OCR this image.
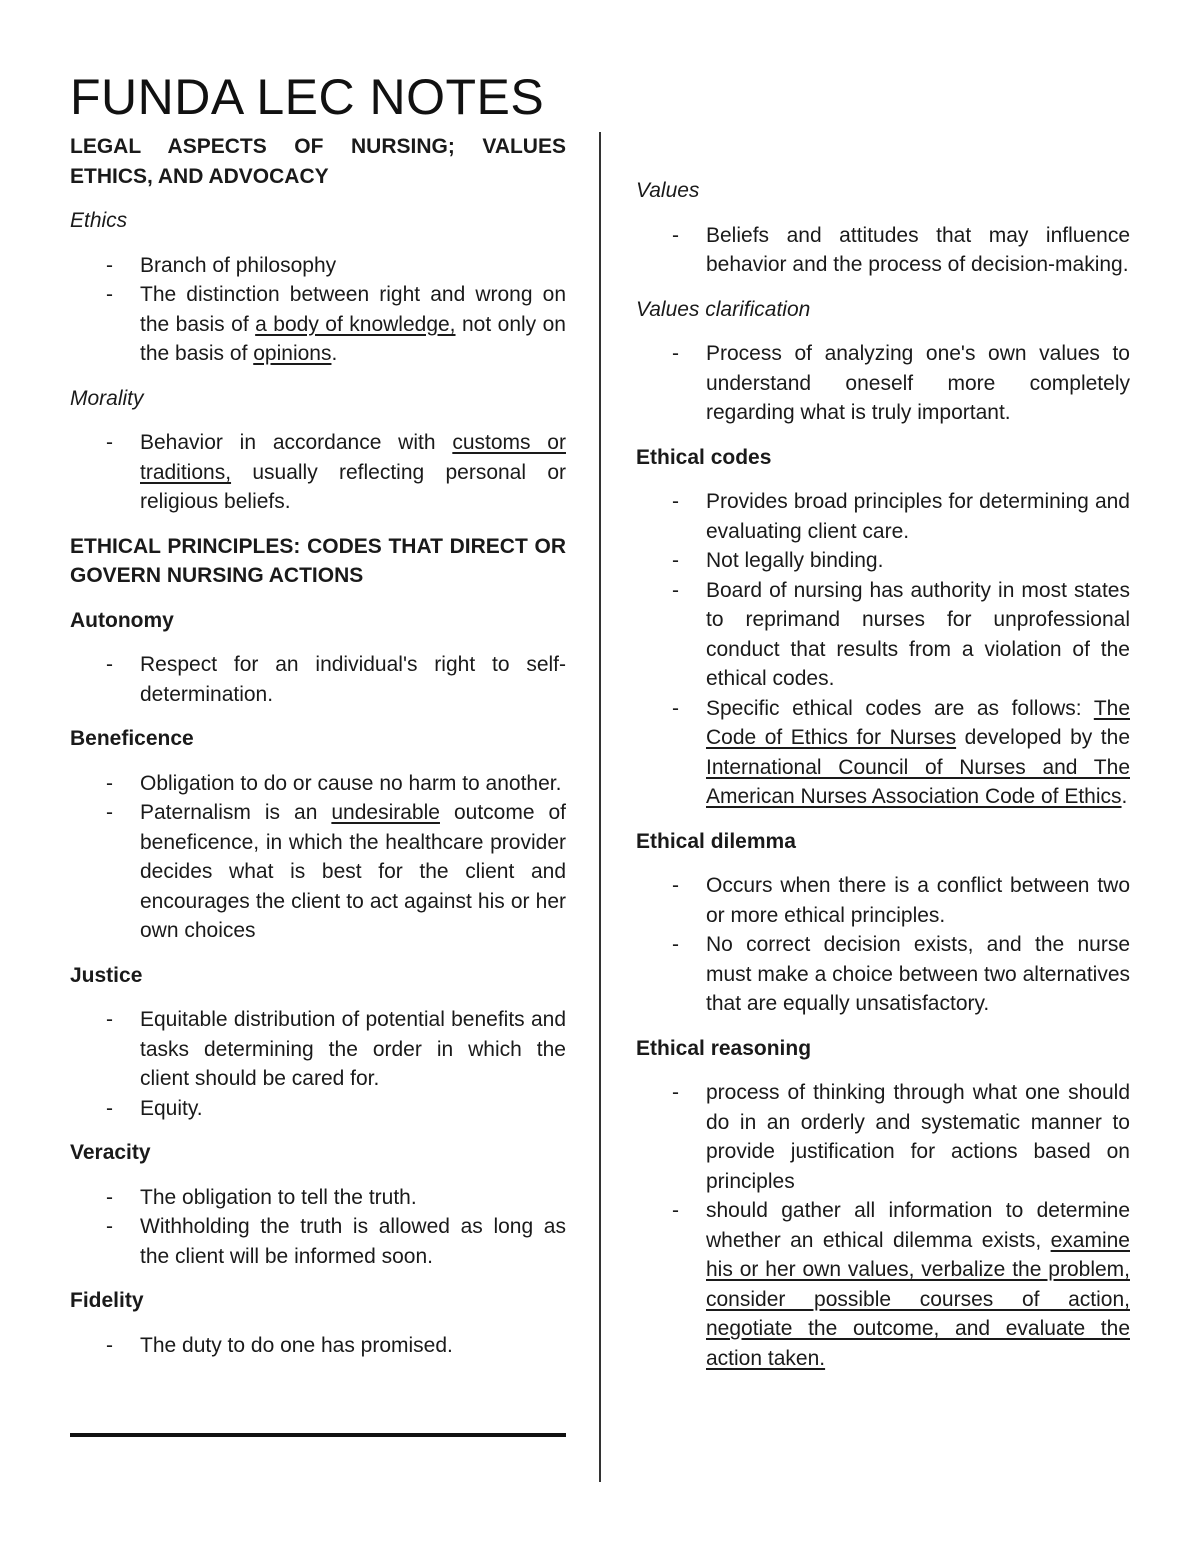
FUNDA LEC NOTES
LEGAL ASPECTS OF NURSING; VALUES ETHICS, AND ADVOCACY
Ethics
- Branch of philosophy
- The distinction between right and wrong on the basis of a body of knowledge, not only on the basis of opinions.
Morality
- Behavior in accordance with customs or traditions, usually reflecting personal or religious beliefs.
ETHICAL PRINCIPLES: CODES THAT DIRECT OR GOVERN NURSING ACTIONS
Autonomy
- Respect for an individual's right to self-determination.
Beneficence
- Obligation to do or cause no harm to another.
- Paternalism is an undesirable outcome of beneficence, in which the healthcare provider decides what is best for the client and encourages the client to act against his or her own choices
Justice
- Equitable distribution of potential benefits and tasks determining the order in which the client should be cared for.
- Equity.
Veracity
- The obligation to tell the truth.
- Withholding the truth is allowed as long as the client will be informed soon.
Fidelity
- The duty to do one has promised.
Values
- Beliefs and attitudes that may influence behavior and the process of decision-making.
Values clarification
- Process of analyzing one's own values to understand oneself more completely regarding what is truly important.
Ethical codes
- Provides broad principles for determining and evaluating client care.
- Not legally binding.
- Board of nursing has authority in most states to reprimand nurses for unprofessional conduct that results from a violation of the ethical codes.
- Specific ethical codes are as follows: The Code of Ethics for Nurses developed by the International Council of Nurses and The American Nurses Association Code of Ethics.
Ethical dilemma
- Occurs when there is a conflict between two or more ethical principles.
- No correct decision exists, and the nurse must make a choice between two alternatives that are equally unsatisfactory.
Ethical reasoning
- process of thinking through what one should do in an orderly and systematic manner to provide justification for actions based on principles
- should gather all information to determine whether an ethical dilemma exists, examine his or her own values, verbalize the problem, consider possible courses of action, negotiate the outcome, and evaluate the action taken.
